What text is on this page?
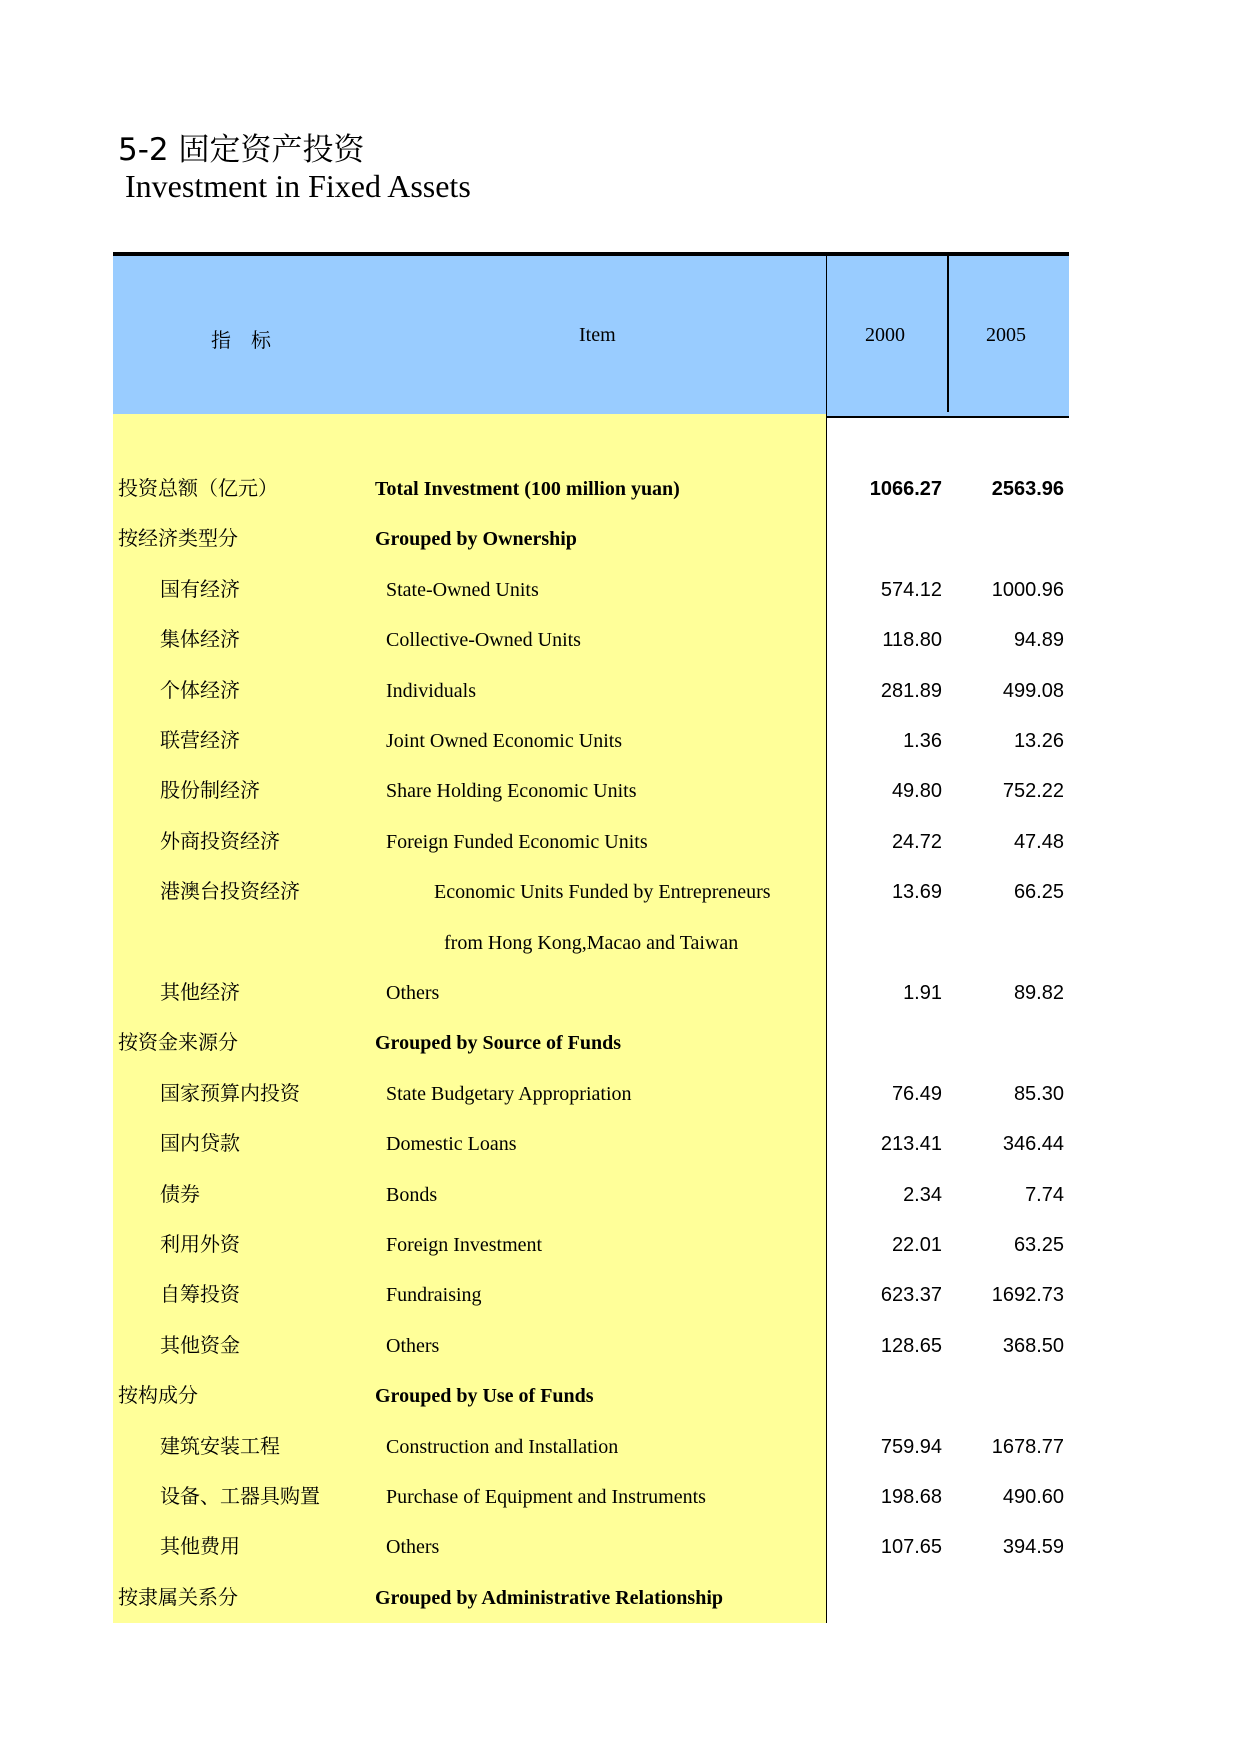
5-2 固定资产投资
Investment in Fixed Assets
指　标	Item	2000	2005
投资总额（亿元）	Total Investment (100 million yuan)	1066.27 2563.96
按经济类型分	Grouped by Ownership
国有经济	State-Owned Units	574.12 1000.96
集体经济	Collective-Owned Units	118.80	94.89
个体经济	Individuals	281.89	499.08
联营经济	Joint Owned Economic Units	1.36	13.26
股份制经济	Share Holding Economic Units	49.80	752.22
外商投资经济	Foreign Funded Economic Units	24.72	47.48
港澳台投资经济	Economic Units Funded by Entrepreneurs	13.69	66.25
from Hong Kong,Macao and Taiwan
其他经济	Others	1.91	89.82
按资金来源分	Grouped by Source of Funds
国家预算内投资	State Budgetary Appropriation	76.49	85.30
国内贷款	Domestic Loans	213.41	346.44
债券	Bonds	2.34	7.74
利用外资	Foreign Investment	22.01	63.25
自筹投资	Fundraising	623.37 1692.73
其他资金	Others	128.65	368.50
按构成分	Grouped by Use of Funds
建筑安装工程	Construction and Installation	759.94 1678.77
设备、工器具购置	Purchase of Equipment and Instruments	198.68	490.60
其他费用	Others	107.65	394.59
按隶属关系分	Grouped by Administrative Relationship
